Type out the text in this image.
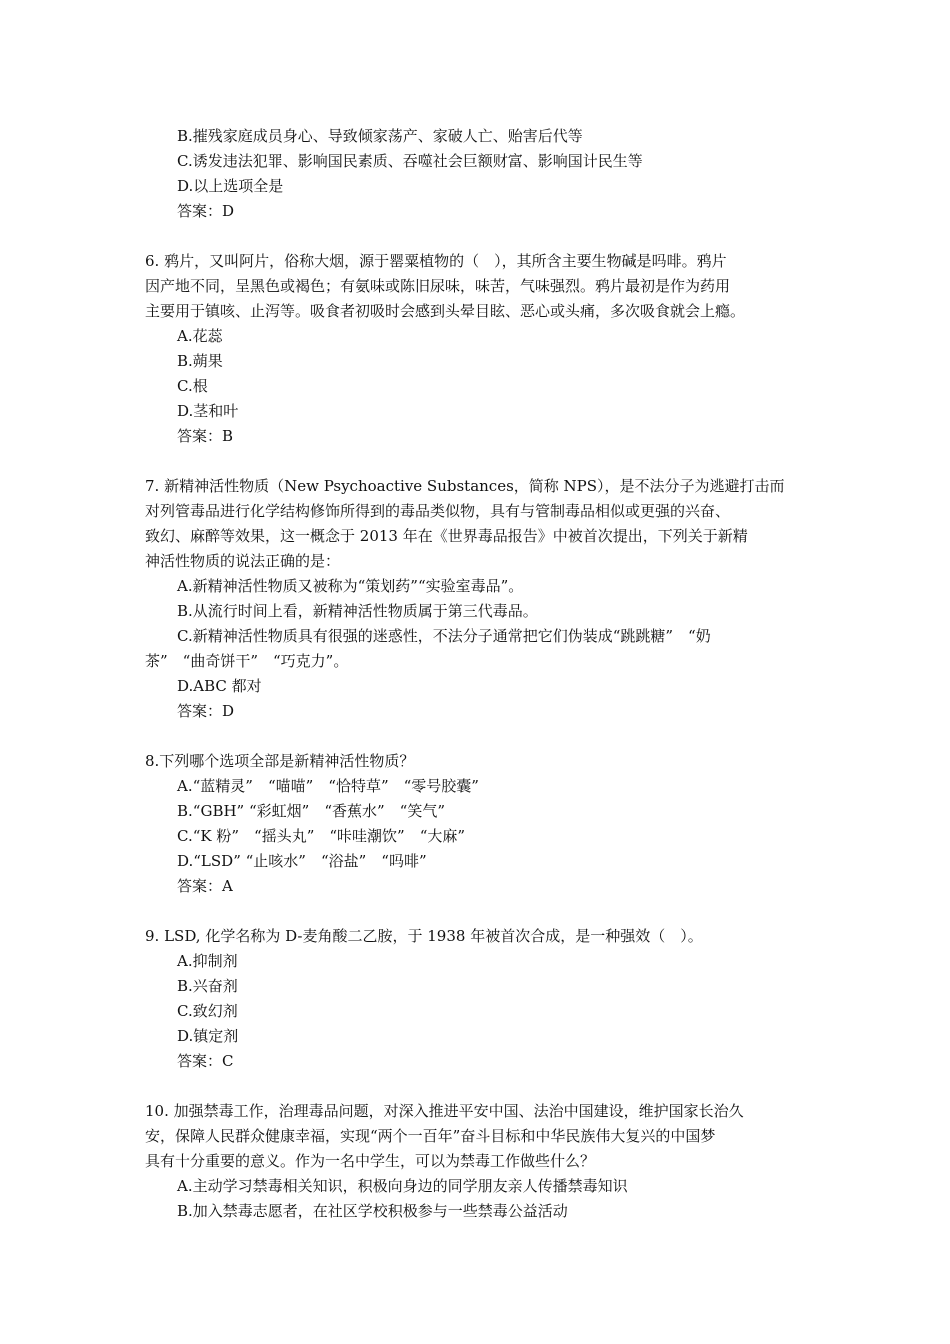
B.摧残家庭成员身心、导致倾家荡产、家破人亡、贻害后代等
C.诱发违法犯罪、影响国民素质、吞噬社会巨额财富、影响国计民生等
D.以上选项全是
答案：D
6. 鸦片，又叫阿片，俗称大烟，源于罂粟植物的（　），其所含主要生物碱是吗啡。鸦片
因产地不同，呈黑色或褐色；有氨味或陈旧尿味，味苦，气味强烈。鸦片最初是作为药用
主要用于镇咳、止泻等。吸食者初吸时会感到头晕目眩、恶心或头痛，多次吸食就会上瘾。
A.花蕊
B.蒴果
C.根
D.茎和叶
答案：B
7. 新精神活性物质（New Psychoactive Substances，简称 NPS），是不法分子为逃避打击而
对列管毒品进行化学结构修饰所得到的毒品类似物，具有与管制毒品相似或更强的兴奋、
致幻、麻醉等效果，这一概念于 2013 年在《世界毒品报告》中被首次提出，下列关于新精
神活性物质的说法正确的是：
A.新精神活性物质又被称为“策划药”“实验室毒品”。
B.从流行时间上看，新精神活性物质属于第三代毒品。
C.新精神活性物质具有很强的迷惑性，不法分子通常把它们伪装成“跳跳糖”　“奶
茶”　“曲奇饼干”　“巧克力”。
D.ABC 都对
答案：D
8.下列哪个选项全部是新精神活性物质？
A.“蓝精灵”　“喵喵”　“恰特草”　“零号胶囊”
B.“GBH” “彩虹烟”　“香蕉水”　“笑气”
C.“K 粉”　“摇头丸”　“咔哇潮饮”　“大麻”
D.“LSD” “止咳水”　“浴盐”　“吗啡”
答案：A
9. LSD, 化学名称为 D-麦角酸二乙胺，于 1938 年被首次合成，是一种强效（　）。
A.抑制剂
B.兴奋剂
C.致幻剂
D.镇定剂
答案：C
10. 加强禁毒工作，治理毒品问题，对深入推进平安中国、法治中国建设，维护国家长治久
安，保障人民群众健康幸福，实现“两个一百年”奋斗目标和中华民族伟大复兴的中国梦
具有十分重要的意义。作为一名中学生，可以为禁毒工作做些什么？
A.主动学习禁毒相关知识，积极向身边的同学朋友亲人传播禁毒知识
B.加入禁毒志愿者，在社区学校积极参与一些禁毒公益活动
